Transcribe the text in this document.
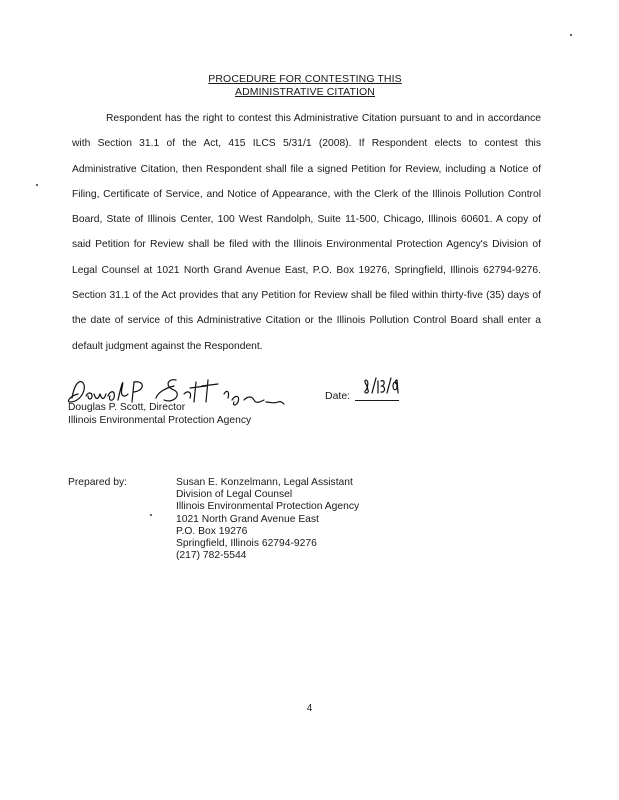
PROCEDURE FOR CONTESTING THIS
ADMINISTRATIVE CITATION

Respondent has the right to contest this Administrative Citation pursuant to and in accordance with Section 31.1 of the Act, 415 ILCS 5/31/1 (2008). If Respondent elects to contest this Administrative Citation, then Respondent shall file a signed Petition for Review, including a Notice of Filing, Certificate of Service, and Notice of Appearance, with the Clerk of the Illinois Pollution Control Board, State of Illinois Center, 100 West Randolph, Suite 11-500, Chicago, Illinois 60601. A copy of said Petition for Review shall be filed with the Illinois Environmental Protection Agency's Division of Legal Counsel at 1021 North Grand Avenue East, P.O. Box 19276, Springfield, Illinois 62794-9276. Section 31.1 of the Act provides that any Petition for Review shall be filed within thirty-five (35) days of the date of service of this Administrative Citation or the Illinois Pollution Control Board shall enter a default judgment against the Respondent.

Douglas P. Scott, Director
Illinois Environmental Protection Agency
Date:
Prepared by:	Susan E. Konzelmann, Legal Assistant
Division of Legal Counsel
Illinois Environmental Protection Agency
1021 North Grand Avenue East
P.O. Box 19276
Springfield, Illinois 62794-9276
(217) 782-5544
4
